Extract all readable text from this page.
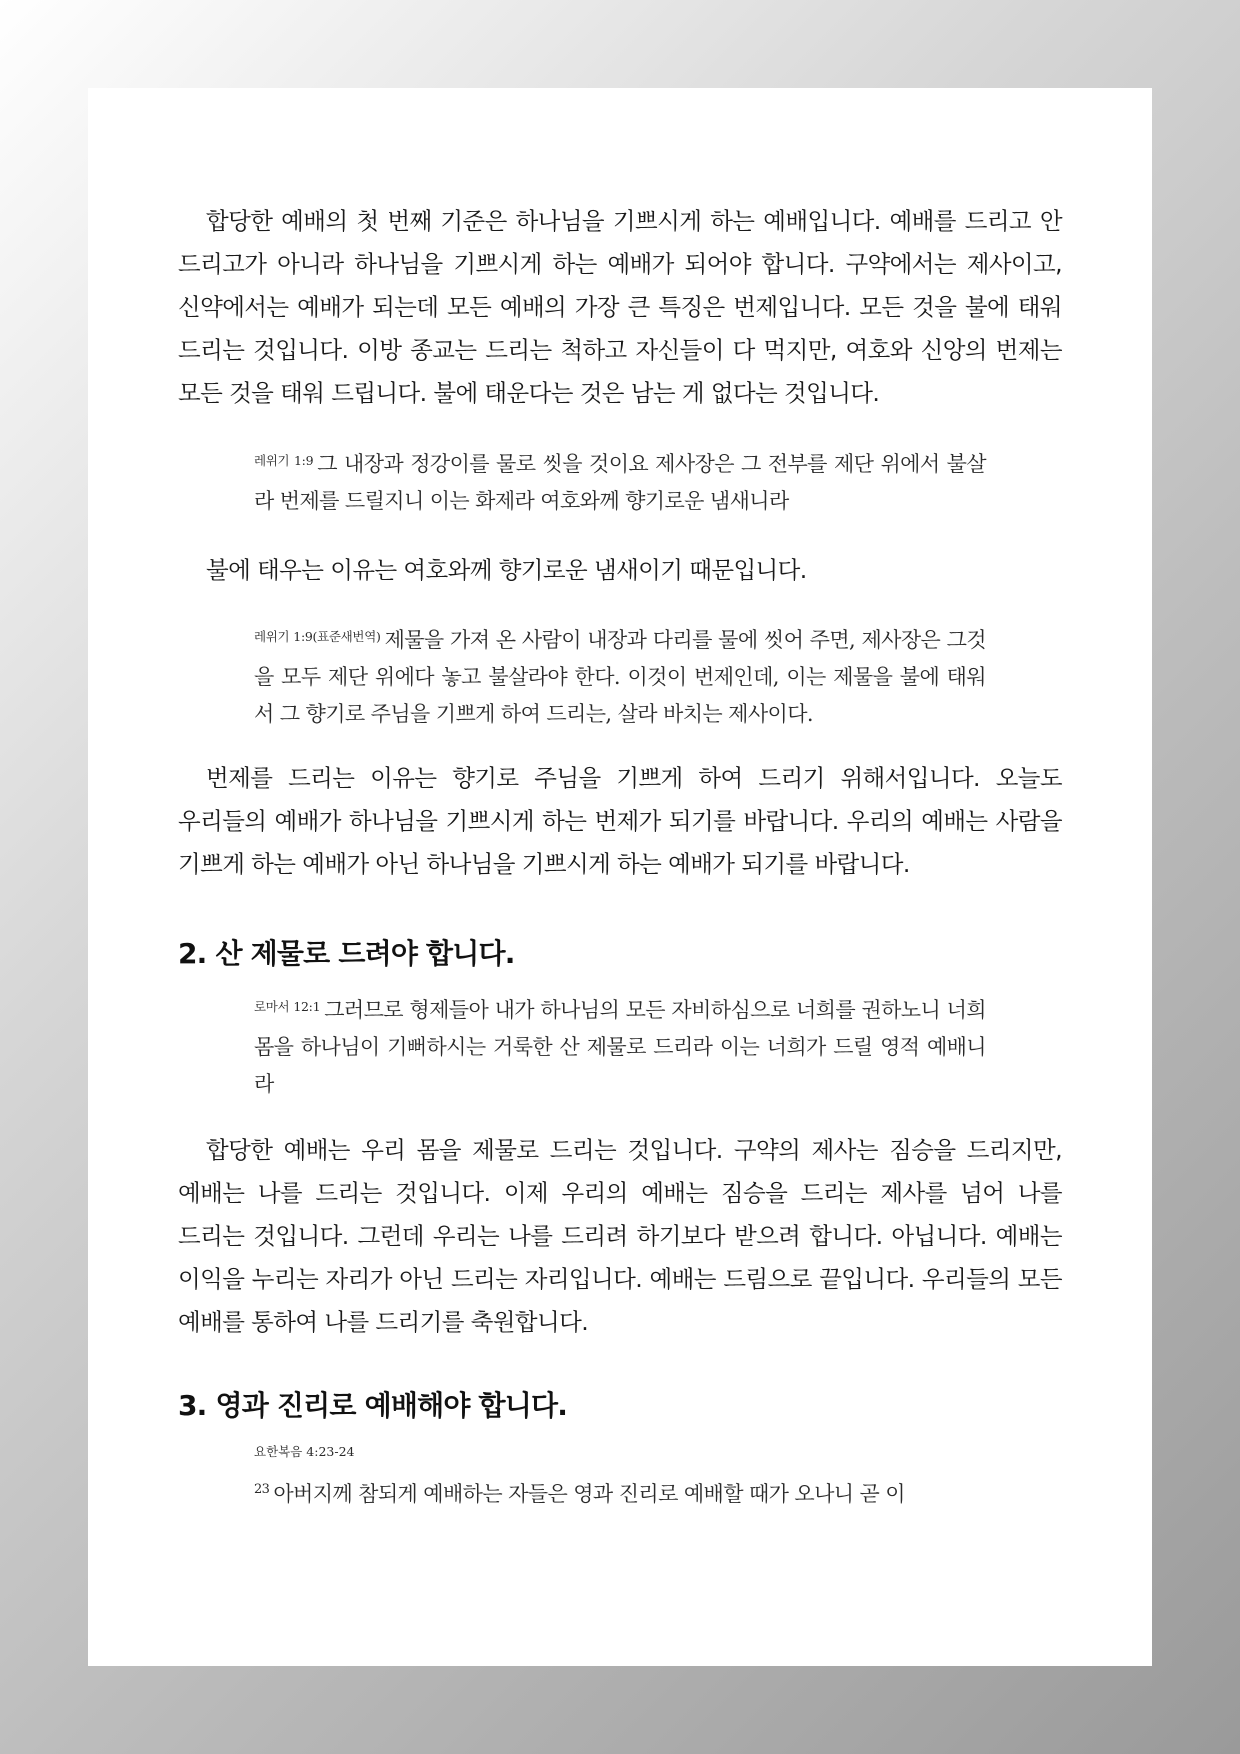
합당한 예배의 첫 번째 기준은 하나님을 기쁘시게 하는 예배입니다. 예배를 드리고 안 드리고가 아니라 하나님을 기쁘시게 하는 예배가 되어야 합니다. 구약에서는 제사이고, 신약에서는 예배가 되는데 모든 예배의 가장 큰 특징은 번제입니다. 모든 것을 불에 태워 드리는 것입니다. 이방 종교는 드리는 척하고 자신들이 다 먹지만, 여호와 신앙의 번제는 모든 것을 태워 드립니다. 불에 태운다는 것은 남는 게 없다는 것입니다.

$^{레위기 1:9}$ 그 내장과 정강이를 물로 씻을 것이요 제사장은 그 전부를 제단 위에서 불살라 번제를 드릴지니 이는 화제라 여호와께 향기로운 냄새니라

불에 태우는 이유는 여호와께 향기로운 냄새이기 때문입니다.

$^{레위기 1:9(표준새번역)}$ 제물을 가져 온 사람이 내장과 다리를 물에 씻어 주면, 제사장은 그것을 모두 제단 위에다 놓고 불살라야 한다. 이것이 번제인데, 이는 제물을 불에 태워서 그 향기로 주님을 기쁘게 하여 드리는, 살라 바치는 제사이다.

번제를 드리는 이유는 향기로 주님을 기쁘게 하여 드리기 위해서입니다. 오늘도 우리들의 예배가 하나님을 기쁘시게 하는 번제가 되기를 바랍니다. 우리의 예배는 사람을 기쁘게 하는 예배가 아닌 하나님을 기쁘시게 하는 예배가 되기를 바랍니다.

2. 산 제물로 드려야 합니다.

$^{로마서 12:1}$ 그러므로 형제들아 내가 하나님의 모든 자비하심으로 너희를 권하노니 너희 몸을 하나님이 기뻐하시는 거룩한 산 제물로 드리라 이는 너희가 드릴 영적 예배니라

합당한 예배는 우리 몸을 제물로 드리는 것입니다. 구약의 제사는 짐승을 드리지만, 예배는 나를 드리는 것입니다. 이제 우리의 예배는 짐승을 드리는 제사를 넘어 나를 드리는 것입니다. 그런데 우리는 나를 드리려 하기보다 받으려 합니다. 아닙니다. 예배는 이익을 누리는 자리가 아닌 드리는 자리입니다. 예배는 드림으로 끝입니다. 우리들의 모든 예배를 통하여 나를 드리기를 축원합니다.

3. 영과 진리로 예배해야 합니다.

요한복음 4:23-24

$^{23}$ 아버지께 참되게 예배하는 자들은 영과 진리로 예배할 때가 오나니 곧 이
